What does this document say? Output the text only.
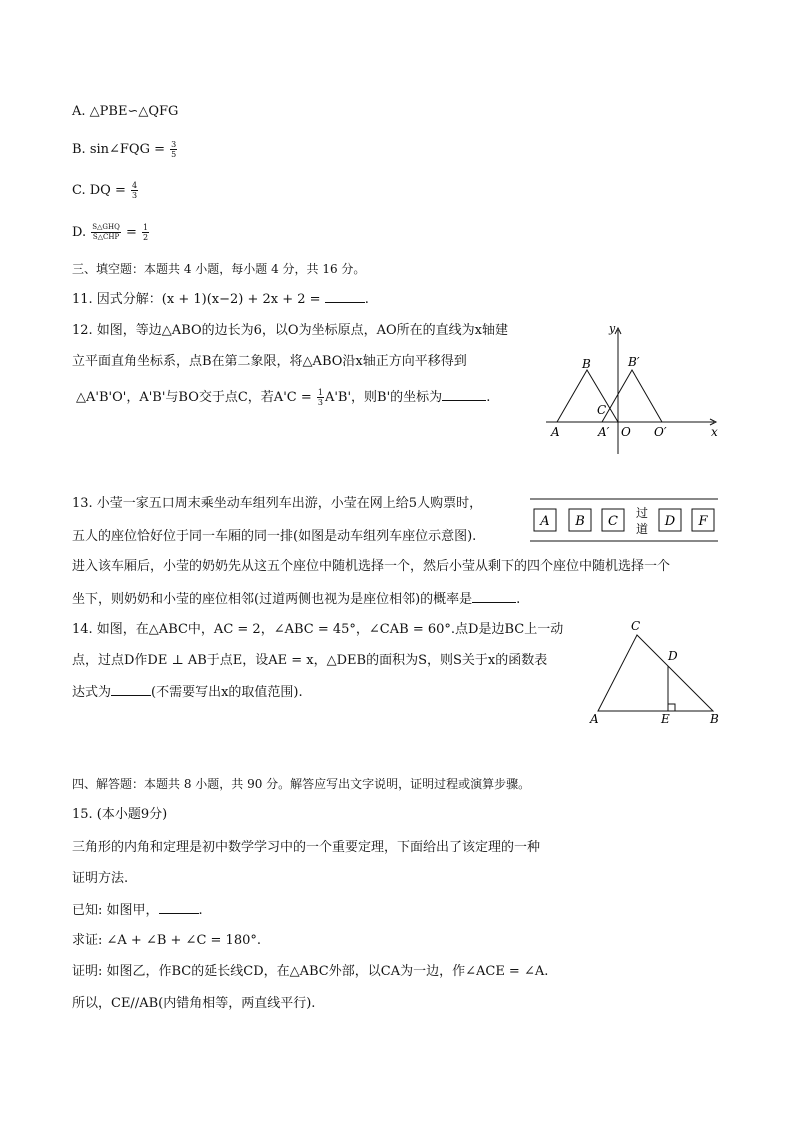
A. △PBE∽△QFG
B. sin∠FQG = $\frac{3}{5}$
C. DQ = $\frac{4}{3}$
D. $\frac{\text{S△GHQ}}{\text{S△CHP}} = \frac{1}{2}$
三、填空题：本题共 4 小题，每小题 4 分，共 16 分。
11. 因式分解：(x + 1)(x−2) + 2x + 2 =	.
12. 如图，等边△ABO的边长为6，以O为坐标原点，AO所在的直线为x轴建
立平面直角坐标系，点B在第二象限，将△ABO沿x轴正方向平移得到
△A'B'O'，A'B'与BO交于点C，若$A'C = \frac{1}{3} A'B'$，则B'的坐标为	.
y
x
B	B′
C
A	A′ O O′
13. 小莹一家五口周末乘坐动车组列车出游，小莹在网上给5人购票时，
五人的座位恰好位于同一车厢的同一排(如图是动车组列车座位示意图).
进入该车厢后，小莹的奶奶先从这五个座位中随机选择一个，然后小莹从剩下的四个座位中随机选择一个
坐下，则奶奶和小莹的座位相邻(过道两侧也视为是座位相邻)的概率是	.
A B C	D F
过
道
14. 如图，在△ABC中，AC = 2，∠ABC = 45°，∠CAB = 60°.点D是边BC上一动
点，过点D作DE ⊥ AB于点E，设AE = x，△DEB的面积为S，则S关于x的函数表
达式为	(不需要写出x的取值范围).
C
D
A	E	B
四、解答题：本题共 8 小题，共 90 分。解答应写出文字说明，证明过程或演算步骤。
15. (本小题9分)
三角形的内角和定理是初中数学学习中的一个重要定理，下面给出了该定理的一种
证明方法.
已知: 如图甲，	.
求证: ∠A + ∠B + ∠C = 180°.
证明: 如图乙，作BC的延长线CD，在△ABC外部，以CA为一边，作∠ACE = ∠A.
所以，CE//AB(内错角相等，两直线平行).
